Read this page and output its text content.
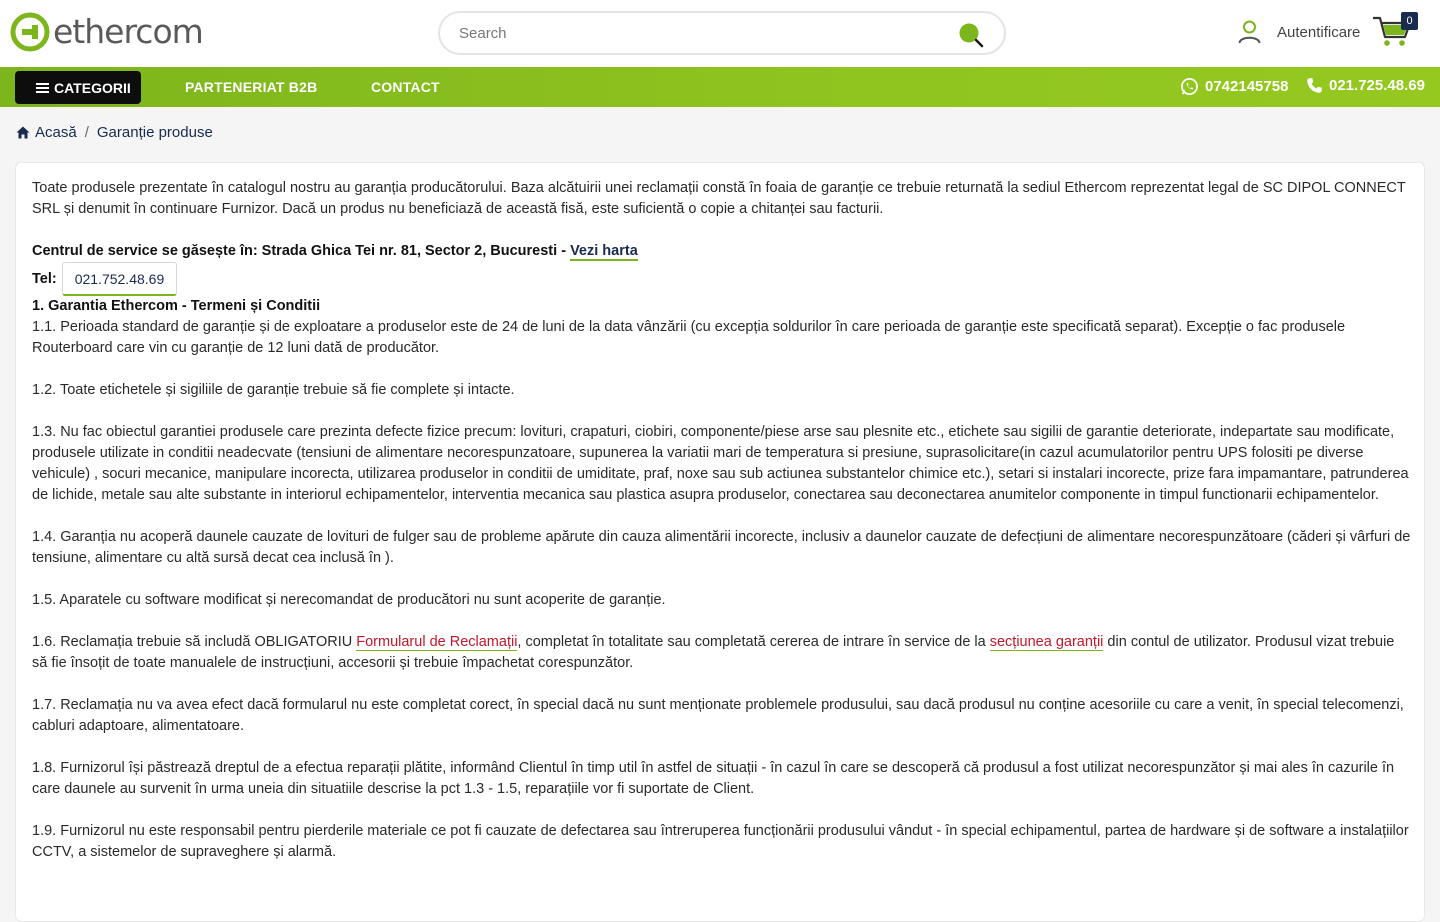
ethercom
Search	Autentificare
0
CATEGORII	PARTENERIAT B2B	CONTACT	0742145758	021.725.48.69
Acasă / Garanție produse

Toate produsele prezentate în catalogul nostru au garanția producătorului. Baza alcătuirii unei reclamații constă în foaia de garanție ce trebuie returnată la sediul Ethercom reprezentat legal de SC DIPOL CONNECT SRL și denumit în continuare Furnizor. Dacă un produs nu beneficiază de această fisă, este suficientă o copie a chitanței sau facturii.

Centrul de service se găsește în: Strada Ghica Tei nr. 81, Sector 2, Bucuresti - Vezi harta

Tel:	021.752.48.69

1. Garantia Ethercom - Termeni și Conditii

1.1. Perioada standard de garanție și de exploatare a produselor este de 24 de luni de la data vânzării (cu excepția soldurilor în care perioada de garanție este specificată separat). Excepție o fac produsele Routerboard care vin cu garanție de 12 luni dată de producător.

1.2. Toate etichetele și sigiliile de garanție trebuie să fie complete și intacte.

1.3. Nu fac obiectul garantiei produsele care prezinta defecte fizice precum: lovituri, crapaturi, ciobiri, componente/piese arse sau plesnite etc., etichete sau sigilii de garantie deteriorate, indepartate sau modificate, produsele utilizate in conditii neadecvate (tensiuni de alimentare necorespunzatoare, supunerea la variatii mari de temperatura si presiune, suprasolicitare(in cazul acumulatorilor pentru UPS folositi pe diverse vehicule) , socuri mecanice, manipulare incorecta, utilizarea produselor in conditii de umiditate, praf, noxe sau sub actiunea substantelor chimice etc.), setari si instalari incorecte, prize fara impamantare, patrunderea de lichide, metale sau alte substante in interiorul echipamentelor, interventia mecanica sau plastica asupra produselor, conectarea sau deconectarea anumitelor componente in timpul functionarii echipamentelor.

1.4. Garanția nu acoperă daunele cauzate de lovituri de fulger sau de probleme apărute din cauza alimentării incorecte, inclusiv a daunelor cauzate de defecțiuni de alimentare necorespunzătoare (căderi și vârfuri de tensiune, alimentare cu altă sursă decat cea inclusă în ).

1.5. Aparatele cu software modificat și nerecomandat de producători nu sunt acoperite de garanție.

1.6. Reclamația trebuie să includă OBLIGATORIU Formularul de Reclamații, completat în totalitate sau completată cererea de intrare în service de la secțiunea garanții din contul de utilizator. Produsul vizat trebuie să fie însoțit de toate manualele de instrucțiuni, accesorii și trebuie împachetat corespunzător.

1.7. Reclamația nu va avea efect dacă formularul nu este completat corect, în special dacă nu sunt menționate problemele produsului, sau dacă produsul nu conține acesoriile cu care a venit, în special telecomenzi, cabluri adaptoare, alimentatoare.

1.8. Furnizorul își păstrează dreptul de a efectua reparații plătite, informând Clientul în timp util în astfel de situații - în cazul în care se descoperă că produsul a fost utilizat necorespunzător și mai ales în cazurile în care daunele au survenit în urma uneia din situatiile descrise la pct 1.3 - 1.5, reparațiile vor fi suportate de Client.

1.9. Furnizorul nu este responsabil pentru pierderile materiale ce pot fi cauzate de defectarea sau întreruperea funcționării produsului vândut - în special echipamentul, partea de hardware și de software a instalațiilor CCTV, a sistemelor de supraveghere și alarmă.
